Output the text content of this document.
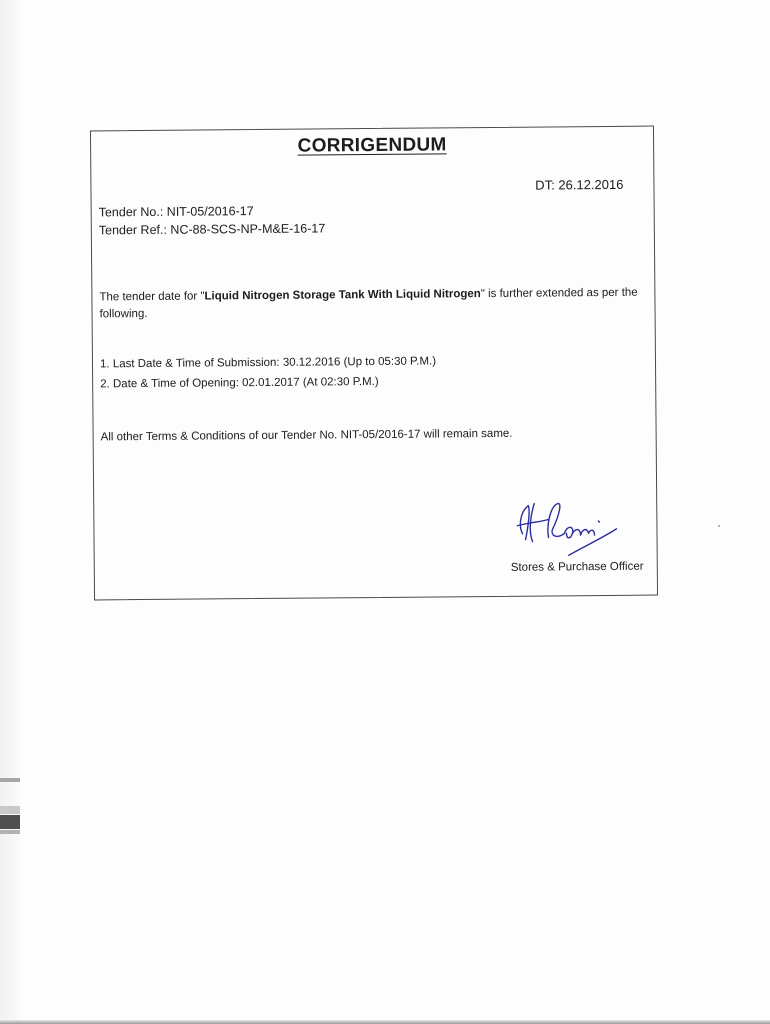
CORRIGENDUM
DT: 26.12.2016
Tender No.: NIT-05/2016-17
Tender Ref.: NC-88-SCS-NP-M&E-16-17
The tender date for "Liquid Nitrogen Storage Tank With Liquid Nitrogen" is further extended as per the following.
1. Last Date & Time of Submission: 30.12.2016 (Up to 05:30 P.M.)
2. Date & Time of Opening: 02.01.2017 (At 02:30 P.M.)
All other Terms & Conditions of our Tender No. NIT-05/2016-17 will remain same.
Stores & Purchase Officer
